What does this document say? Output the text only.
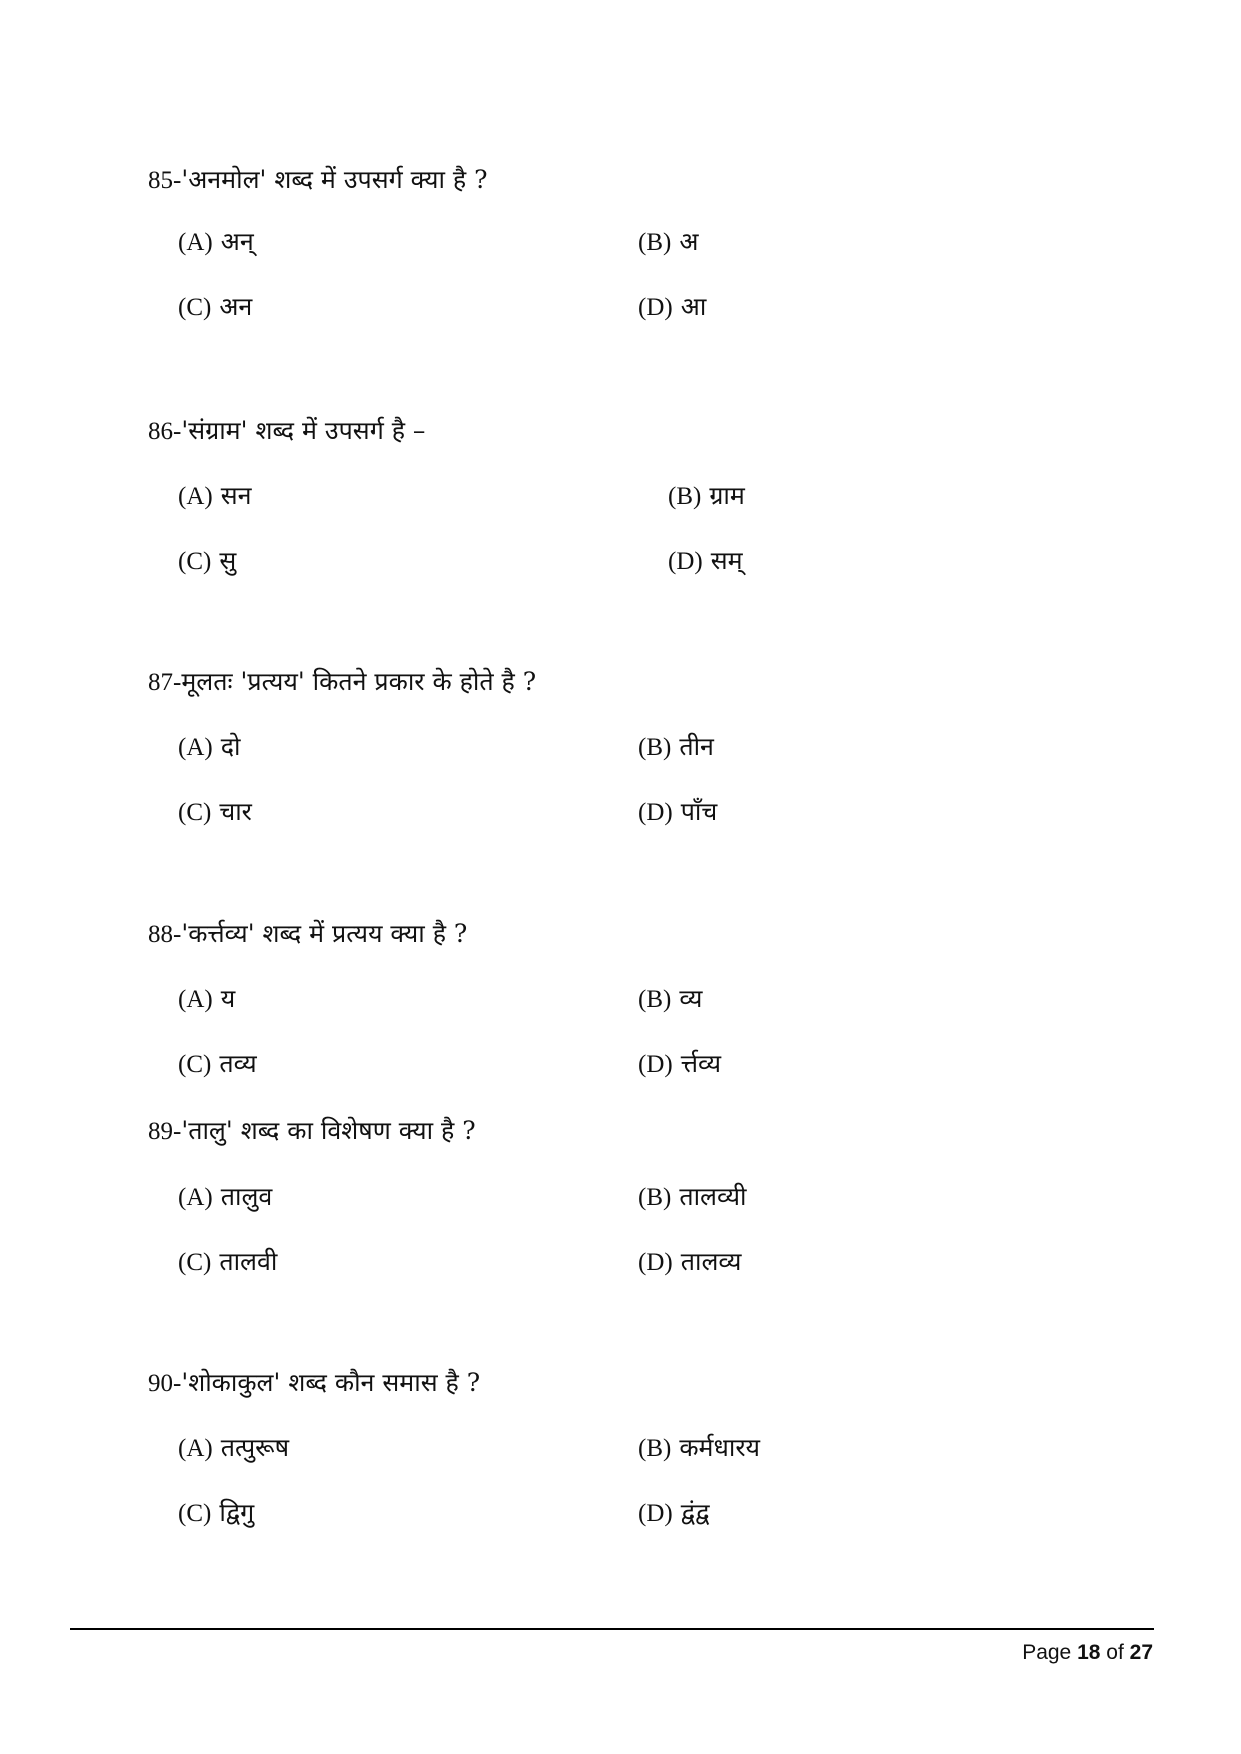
85-'अनमोल' शब्द में उपसर्ग क्या है ?
(A) अन्	(B) अ
(C) अन	(D) आ
86-'संग्राम' शब्द में उपसर्ग है –
(A) सन	(B) ग्राम
(C) सु	(D) सम्
87-मूलतः 'प्रत्यय' कितने प्रकार के होते है ?
(A) दो	(B) तीन
(C) चार	(D) पाँच
88-'कर्त्तव्य' शब्द में प्रत्यय क्या है ?
(A) य	(B) व्य
(C) तव्य	(D) र्त्तव्य
89-'तालु' शब्द का विशेषण क्या है ?
(A) तालुव	(B) तालव्यी
(C) तालवी	(D) तालव्य
90-'शोकाकुल' शब्द कौन समास है ?
(A) तत्पुरूष	(B) कर्मधारय
(C) द्विगु	(D) द्वंद्व
Page 18 of 27
